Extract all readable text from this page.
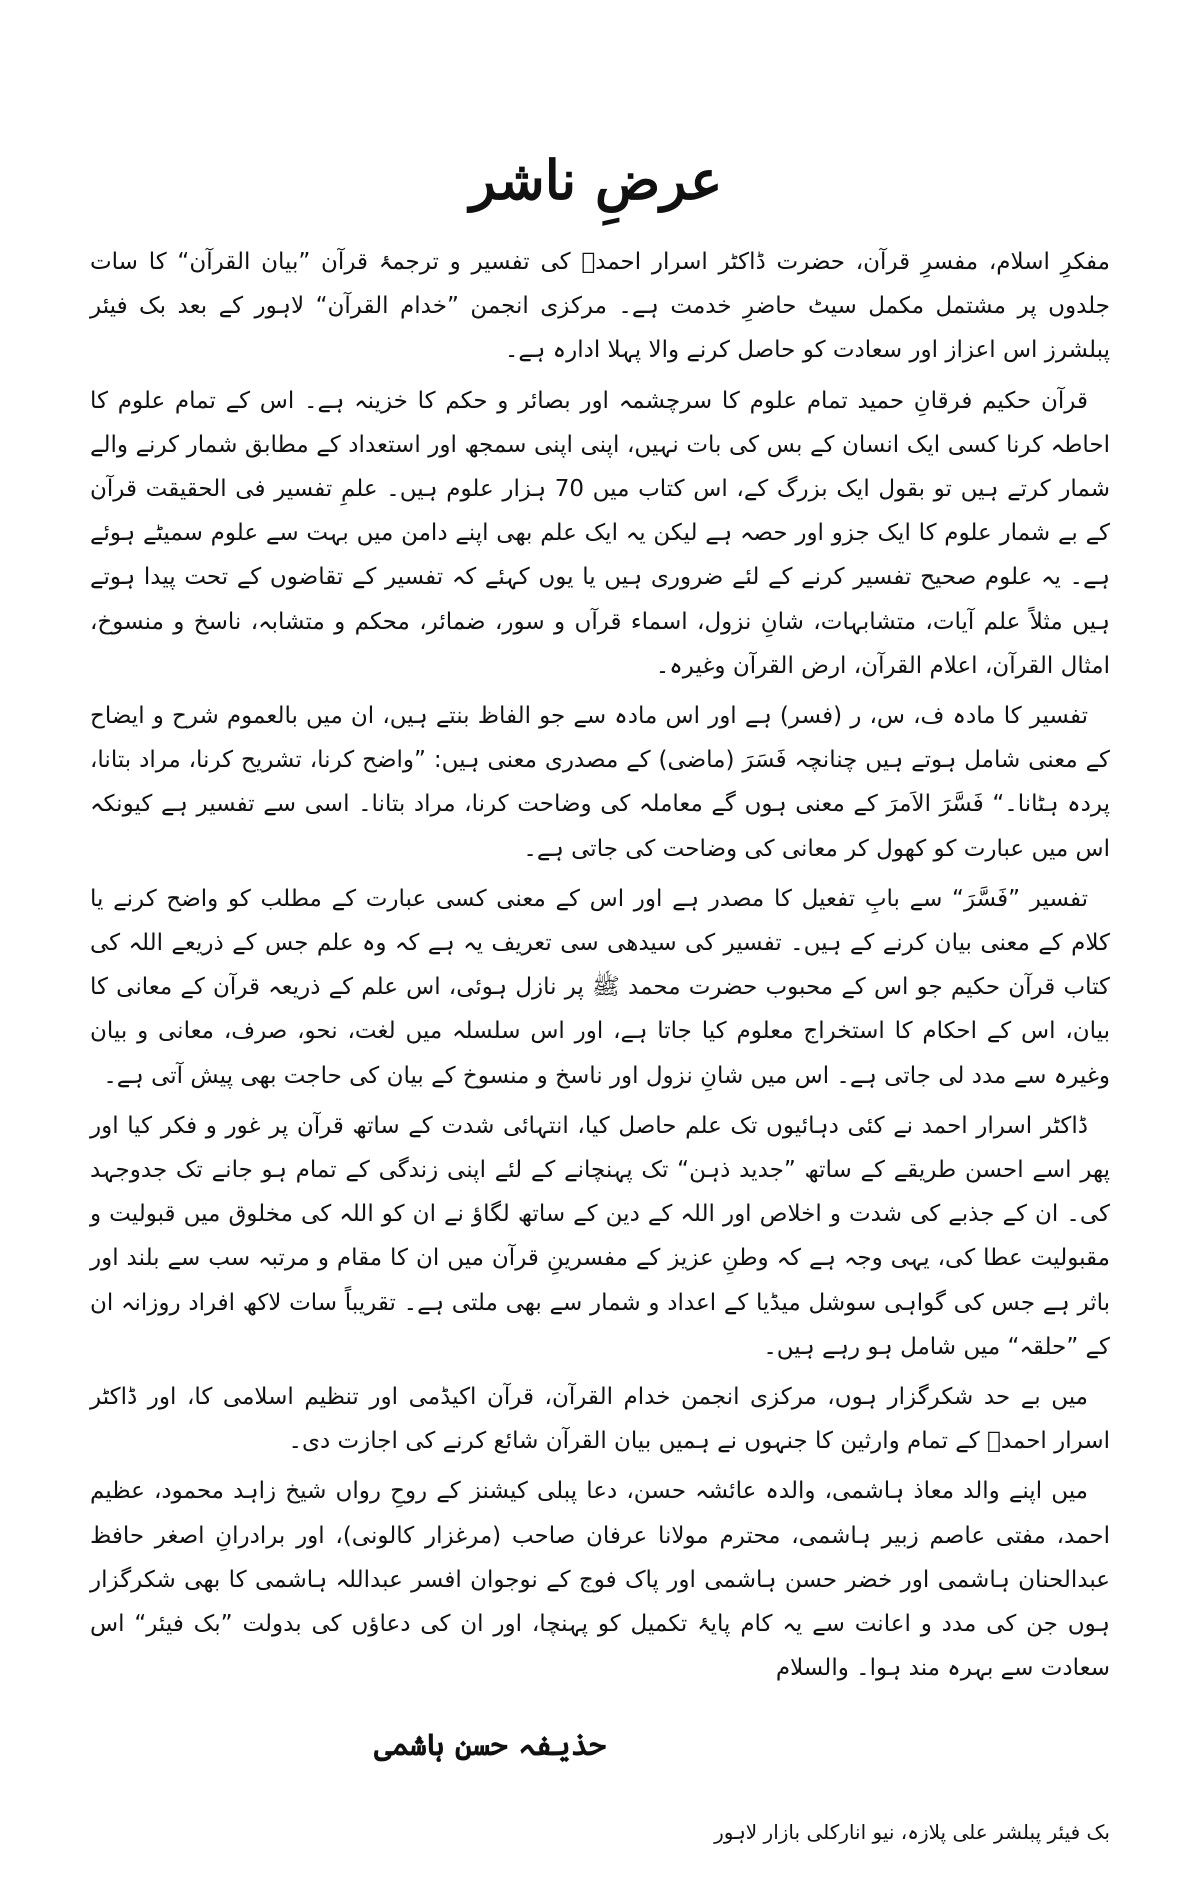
عرضِ ناشر

مفکرِ اسلام، مفسرِ قرآن، حضرت ڈاکٹر اسرار احمدؒ کی تفسیر و ترجمۂ قرآن ”بیان القرآن“ کا سات جلدوں پر مشتمل مکمل سیٹ حاضرِ خدمت ہے۔ مرکزی انجمن ”خدام القرآن“ لاہور کے بعد بک فیئر پبلشرز اس اعزاز اور سعادت کو حاصل کرنے والا پہلا ادارہ ہے۔

قرآن حکیم فرقانِ حمید تمام علوم کا سرچشمہ اور بصائر و حکم کا خزینہ ہے۔ اس کے تمام علوم کا احاطہ کرنا کسی ایک انسان کے بس کی بات نہیں، اپنی اپنی سمجھ اور استعداد کے مطابق شمار کرنے والے شمار کرتے ہیں تو بقول ایک بزرگ کے، اس کتاب میں 70 ہزار علوم ہیں۔ علمِ تفسیر فی الحقیقت قرآن کے بے شمار علوم کا ایک جزو اور حصہ ہے لیکن یہ ایک علم بھی اپنے دامن میں بہت سے علوم سمیٹے ہوئے ہے۔ یہ علوم صحیح تفسیر کرنے کے لئے ضروری ہیں یا یوں کہئے کہ تفسیر کے تقاضوں کے تحت پیدا ہوتے ہیں مثلاً علم آیات، متشابہات، شانِ نزول، اسماء قرآں و سور، ضمائر، محکم و متشابہ، ناسخ و منسوخ، امثال القرآن، اعلام القرآن، ارض القرآن وغیرہ۔

تفسیر کا مادہ ف، س، ر (فسر) ہے اور اس مادہ سے جو الفاظ بنتے ہیں، ان میں بالعموم شرح و ایضاح کے معنی شامل ہوتے ہیں چنانچہ فَسَرَ (ماضی) کے مصدری معنی ہیں: ”واضح کرنا، تشریح کرنا، مراد بتانا، پردہ ہٹانا۔“ فَسَّرَ الاَمرَ کے معنی ہوں گے معاملہ کی وضاحت کرنا، مراد بتانا۔ اسی سے تفسیر ہے کیونکہ اس میں عبارت کو کھول کر معانی کی وضاحت کی جاتی ہے۔

تفسیر ”فَسَّرَ“ سے بابِ تفعیل کا مصدر ہے اور اس کے معنی کسی عبارت کے مطلب کو واضح کرنے یا کلام کے معنی بیان کرنے کے ہیں۔ تفسیر کی سیدھی سی تعریف یہ ہے کہ وہ علم جس کے ذریعے اللہ کی کتاب قرآن حکیم جو اس کے محبوب حضرت محمد ﷺ پر نازل ہوئی، اس علم کے ذریعہ قرآن کے معانی کا بیان، اس کے احکام کا استخراج معلوم کیا جاتا ہے، اور اس سلسلہ میں لغت، نحو، صرف، معانی و بیان وغیرہ سے مدد لی جاتی ہے۔ اس میں شانِ نزول اور ناسخ و منسوخ کے بیان کی حاجت بھی پیش آتی ہے۔

ڈاکٹر اسرار احمد نے کئی دہائیوں تک علم حاصل کیا، انتہائی شدت کے ساتھ قرآن پر غور و فکر کیا اور پھر اسے احسن طریقے کے ساتھ ”جدید ذہن“ تک پہنچانے کے لئے اپنی زندگی کے تمام ہو جانے تک جدوجہد کی۔ ان کے جذبے کی شدت و اخلاص اور اللہ کے دین کے ساتھ لگاؤ نے ان کو اللہ کی مخلوق میں قبولیت و مقبولیت عطا کی، یہی وجہ ہے کہ وطنِ عزیز کے مفسرینِ قرآن میں ان کا مقام و مرتبہ سب سے بلند اور باثر ہے جس کی گواہی سوشل میڈیا کے اعداد و شمار سے بھی ملتی ہے۔ تقریباً سات لاکھ افراد روزانہ ان کے ”حلقہ“ میں شامل ہو رہے ہیں۔

میں بے حد شکرگزار ہوں، مرکزی انجمن خدام القرآن، قرآن اکیڈمی اور تنظیم اسلامی کا، اور ڈاکٹر اسرار احمدؒ کے تمام وارثین کا جنہوں نے ہمیں بیان القرآن شائع کرنے کی اجازت دی۔

میں اپنے والد معاذ ہاشمی، والدہ عائشہ حسن، دعا پبلی کیشنز کے روحِ رواں شیخ زاہد محمود، عظیم احمد، مفتی عاصم زبیر ہاشمی، محترم مولانا عرفان صاحب (مرغزار کالونی)، اور برادرانِ اصغر حافظ عبدالحنان ہاشمی اور خضر حسن ہاشمی اور پاک فوج کے نوجوان افسر عبداللہ ہاشمی کا بھی شکرگزار ہوں جن کی مدد و اعانت سے یہ کام پایۂ تکمیل کو پہنچا، اور ان کی دعاؤں کی بدولت ”بک فیئر“ اس سعادت سے بہرہ مند ہوا۔ والسلام

حذیفہ حسن ہاشمی
بک فیئر پبلشر علی پلازہ، نیو انارکلی بازار لاہور
